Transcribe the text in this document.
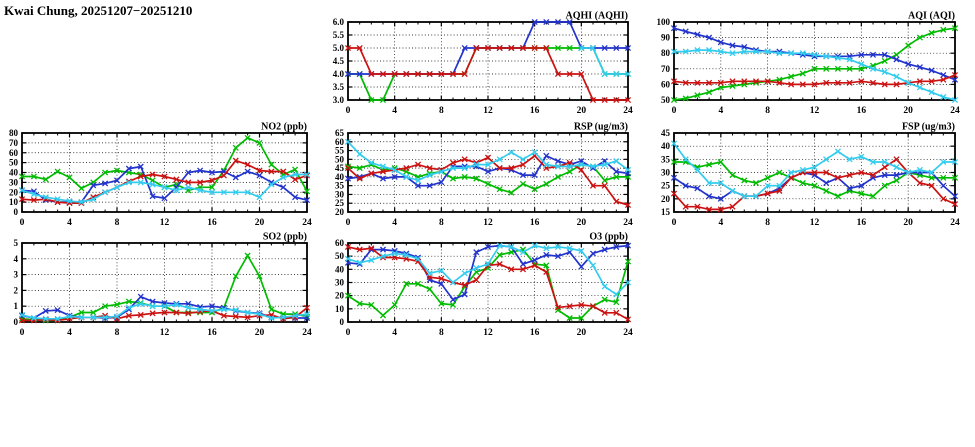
Kwai Chung, 20251207−20251210
3.0
3.5
4.0
4.5
5.0
5.5
6.0
0	4	8	12	16	20	24
AQHI (AQHI)
50
60
70
80
90
100
0	4	8	12	16	20	24
AQI (AQI)
0
10
20
30
40
50
60
70
80
0	4	8	12	16	20	24
NO2 (ppb)
20
25
30
35
40
45
50
55
60
65
0	4	8	12	16	20	24
RSP (ug/m3)
15
20
25
30
35
40
45
0	4	8	12	16	20	24
FSP (ug/m3)
0
1
2
3
4
5
0	4	8	12	16	20	24
SO2 (ppb)
0
10
20
30
40
50
60
0	4	8	12	16	20	24
O3 (ppb)
